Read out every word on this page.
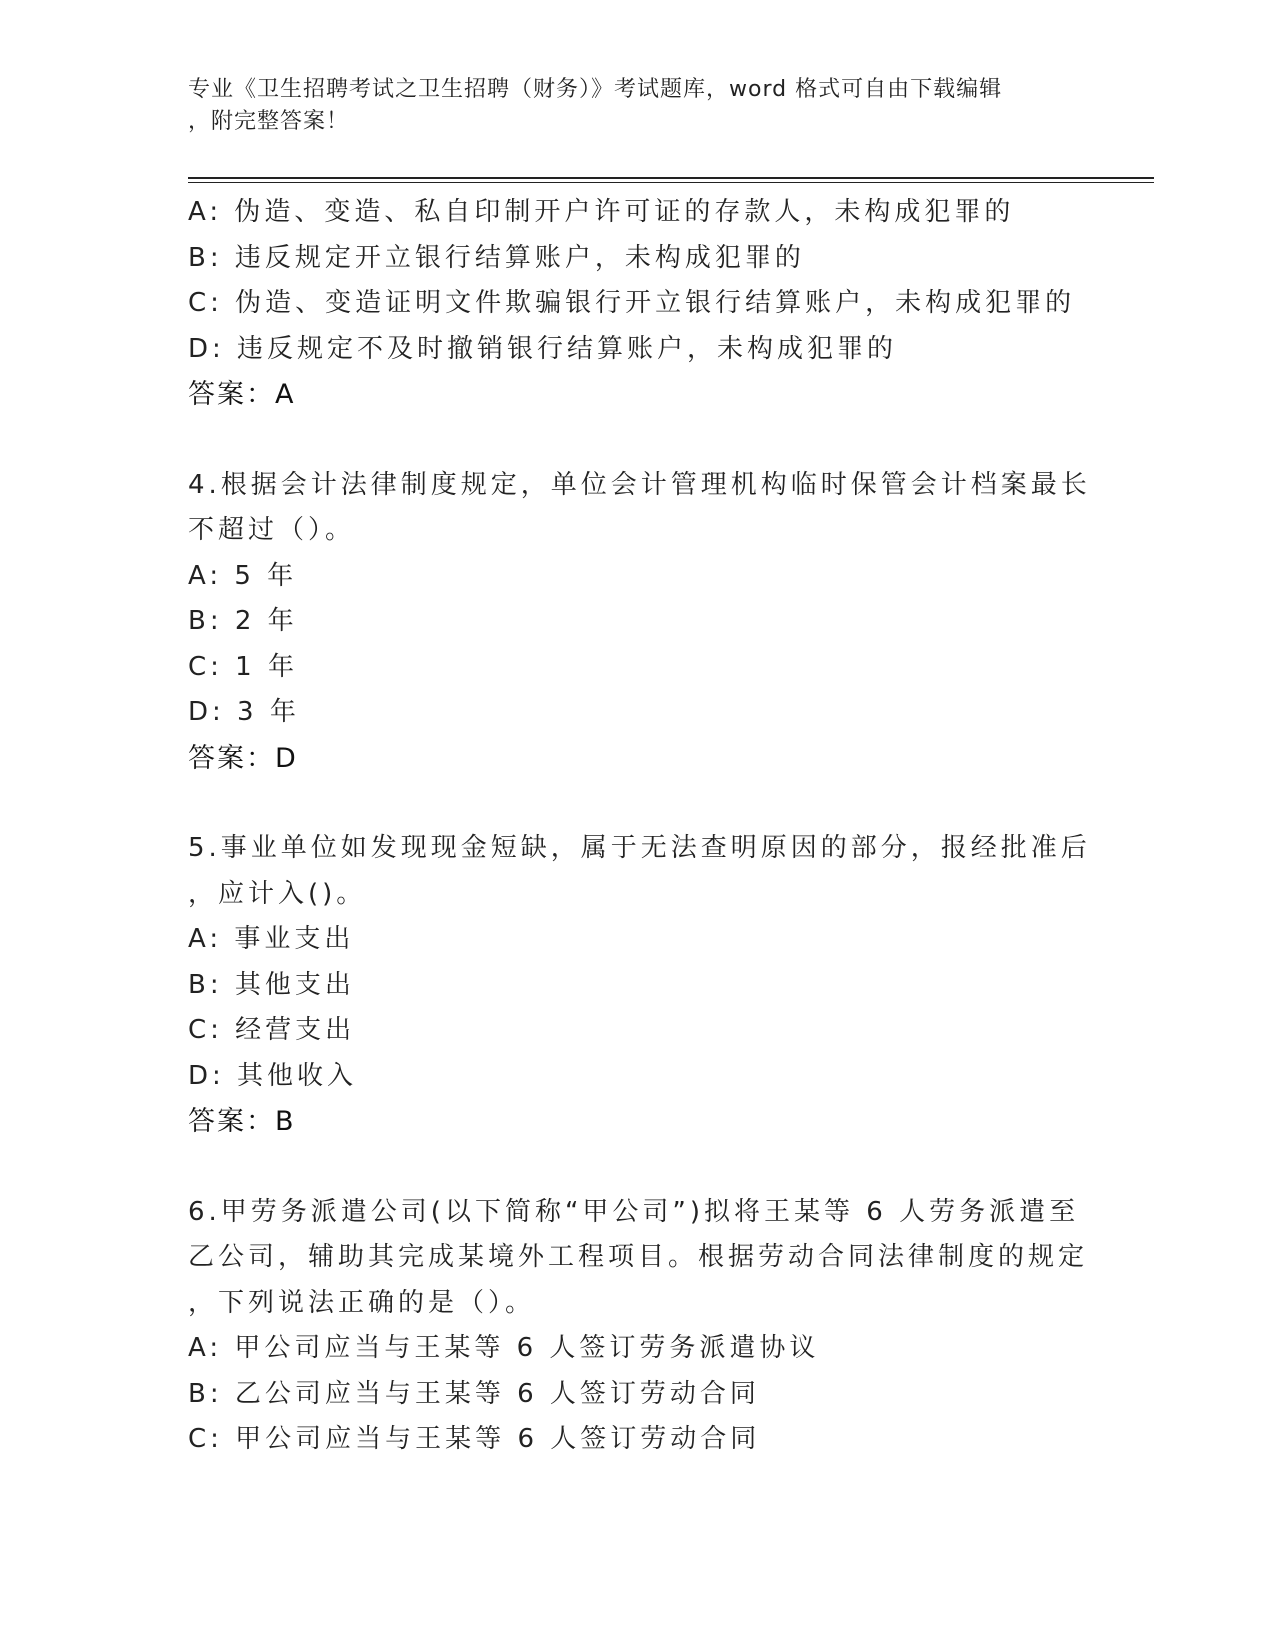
专业《卫生招聘考试之卫生招聘（财务）》考试题库，word 格式可自由下载编辑
，附完整答案！
A: 伪造、变造、私自印制开户许可证的存款人，未构成犯罪的
B: 违反规定开立银行结算账户，未构成犯罪的
C: 伪造、变造证明文件欺骗银行开立银行结算账户，未构成犯罪的
D: 违反规定不及时撤销银行结算账户，未构成犯罪的
答案：A
4.根据会计法律制度规定，单位会计管理机构临时保管会计档案最长
不超过（）。
A: 5 年
B: 2 年
C: 1 年
D: 3 年
答案：D
5.事业单位如发现现金短缺，属于无法查明原因的部分，报经批准后
，应计入()。
A: 事业支出
B: 其他支出
C: 经营支出
D: 其他收入
答案：B
6.甲劳务派遣公司(以下简称“甲公司”)拟将王某等 6 人劳务派遣至
乙公司，辅助其完成某境外工程项目。根据劳动合同法律制度的规定
，下列说法正确的是（）。
A: 甲公司应当与王某等 6 人签订劳务派遣协议
B: 乙公司应当与王某等 6 人签订劳动合同
C: 甲公司应当与王某等 6 人签订劳动合同
